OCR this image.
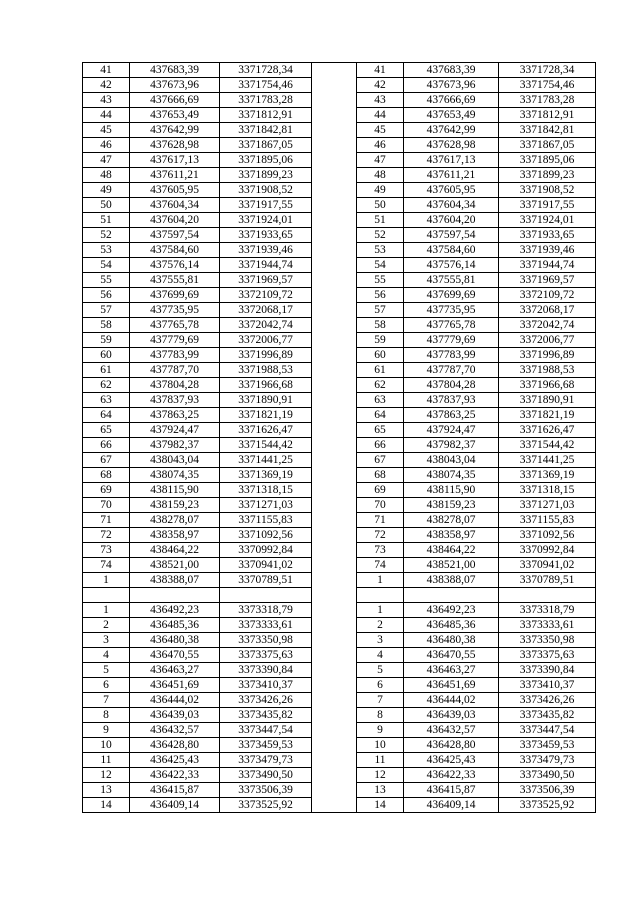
41	437683,39	3371728,34		41	437683,39	3371728,34
42	437673,96	3371754,46		42	437673,96	3371754,46
43	437666,69	3371783,28		43	437666,69	3371783,28
44	437653,49	3371812,91		44	437653,49	3371812,91
45	437642,99	3371842,81		45	437642,99	3371842,81
46	437628,98	3371867,05		46	437628,98	3371867,05
47	437617,13	3371895,06		47	437617,13	3371895,06
48	437611,21	3371899,23		48	437611,21	3371899,23
49	437605,95	3371908,52		49	437605,95	3371908,52
50	437604,34	3371917,55		50	437604,34	3371917,55
51	437604,20	3371924,01		51	437604,20	3371924,01
52	437597,54	3371933,65		52	437597,54	3371933,65
53	437584,60	3371939,46		53	437584,60	3371939,46
54	437576,14	3371944,74		54	437576,14	3371944,74
55	437555,81	3371969,57		55	437555,81	3371969,57
56	437699,69	3372109,72		56	437699,69	3372109,72
57	437735,95	3372068,17		57	437735,95	3372068,17
58	437765,78	3372042,74		58	437765,78	3372042,74
59	437779,69	3372006,77		59	437779,69	3372006,77
60	437783,99	3371996,89		60	437783,99	3371996,89
61	437787,70	3371988,53		61	437787,70	3371988,53
62	437804,28	3371966,68		62	437804,28	3371966,68
63	437837,93	3371890,91		63	437837,93	3371890,91
64	437863,25	3371821,19		64	437863,25	3371821,19
65	437924,47	3371626,47		65	437924,47	3371626,47
66	437982,37	3371544,42		66	437982,37	3371544,42
67	438043,04	3371441,25		67	438043,04	3371441,25
68	438074,35	3371369,19		68	438074,35	3371369,19
69	438115,90	3371318,15		69	438115,90	3371318,15
70	438159,23	3371271,03		70	438159,23	3371271,03
71	438278,07	3371155,83		71	438278,07	3371155,83
72	438358,97	3371092,56		72	438358,97	3371092,56
73	438464,22	3370992,84		73	438464,22	3370992,84
74	438521,00	3370941,02		74	438521,00	3370941,02
1	438388,07	3370789,51		1	438388,07	3370789,51

1	436492,23	3373318,79		1	436492,23	3373318,79
2	436485,36	3373333,61		2	436485,36	3373333,61
3	436480,38	3373350,98		3	436480,38	3373350,98
4	436470,55	3373375,63		4	436470,55	3373375,63
5	436463,27	3373390,84		5	436463,27	3373390,84
6	436451,69	3373410,37		6	436451,69	3373410,37
7	436444,02	3373426,26		7	436444,02	3373426,26
8	436439,03	3373435,82		8	436439,03	3373435,82
9	436432,57	3373447,54		9	436432,57	3373447,54
10	436428,80	3373459,53		10	436428,80	3373459,53
11	436425,43	3373479,73		11	436425,43	3373479,73
12	436422,33	3373490,50		12	436422,33	3373490,50
13	436415,87	3373506,39		13	436415,87	3373506,39
14	436409,14	3373525,92		14	436409,14	3373525,92
